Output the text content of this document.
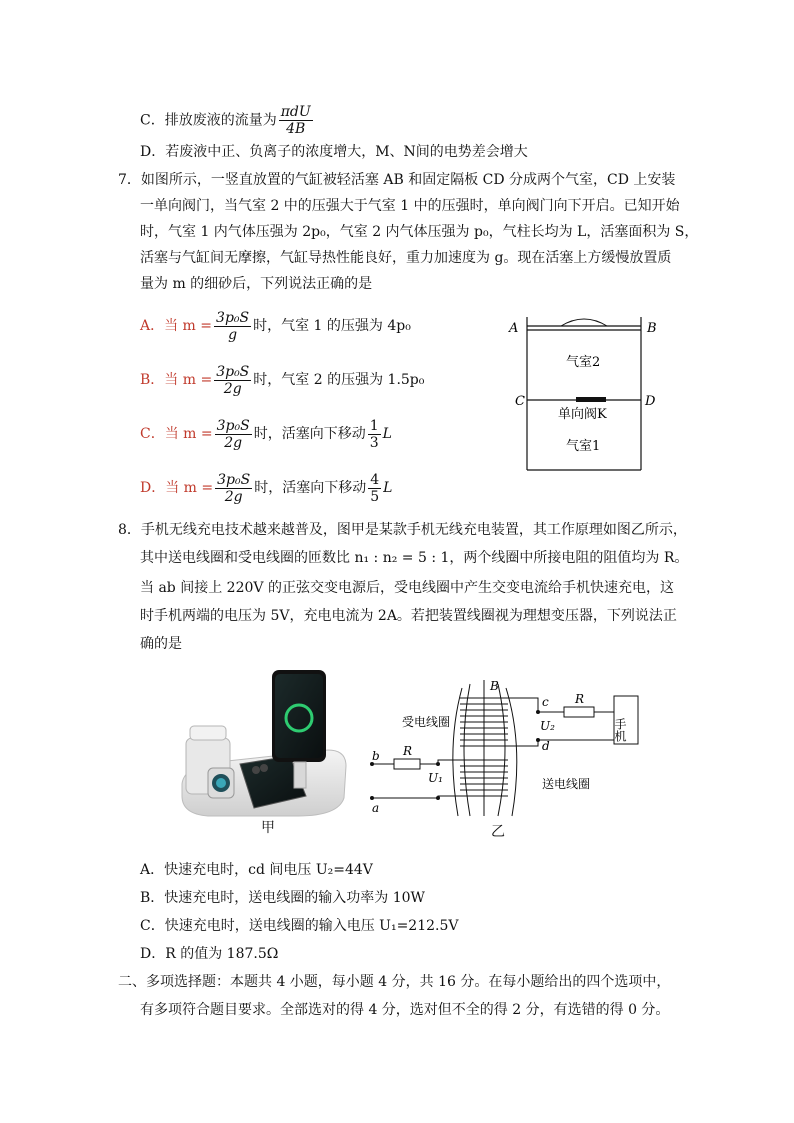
C．排放废液的流量为 $\frac{\text{πdU}}{4B}$
D．若废液中正、负离子的浓度增大，M、N间的电势差会增大
7．如图所示，一竖直放置的气缸被轻活塞 AB 和固定隔板 CD 分成两个气室，CD 上安装
一单向阀门，当气室 2 中的压强大于气室 1 中的压强时，单向阀门向下开启。已知开始
时，气室 1 内气体压强为 2p₀，气室 2 内气体压强为 p₀，气柱长均为 L，活塞面积为 S，
活塞与气缸间无摩擦，气缸导热性能良好，重力加速度为 g。现在活塞上方缓慢放置质
量为 m 的细砂后，下列说法正确的是
A．当 $m = \frac{\text{3p₀S}}{g}$ 时，气室 1 的压强为 4p₀
B．当 $m = \frac{\text{3p₀S}}{2g}$ 时，气室 2 的压强为 1.5p₀
C．当 $m = \frac{\text{3p₀S}}{2g}$ 时，活塞向下移动 $\frac{1}{3}$ L
D．当 $m = \frac{\text{3p₀S}}{2g}$ 时，活塞向下移动 $\frac{4}{5}$ L
A	B
C	D
气室2
单向阀K
气室1
8．手机无线充电技术越来越普及，图甲是某款手机无线充电装置，其工作原理如图乙所示，
其中送电线圈和受电线圈的匝数比 n₁ : n₂ = 5 : 1，两个线圈中所接电阻的阻值均为 R。
当 ab 间接上 220V 的正弦交变电源后，受电线圈中产生交变电流给手机快速充电，这
时手机两端的电压为 5V，充电电流为 2A。若把装置线圈视为理想变压器，下列说法正
确的是
甲
B
c
d
R
U₂
R
U₁
b
a
受电线圈
送电线圈
手机
乙
A．快速充电时，cd 间电压 U₂=44V
B．快速充电时，送电线圈的输入功率为 10W
C．快速充电时，送电线圈的输入电压 U₁=212.5V
D．R 的值为 187.5Ω
二、多项选择题：本题共 4 小题，每小题 4 分，共 16 分。在每小题给出的四个选项中，
有多项符合题目要求。全部选对的得 4 分，选对但不全的得 2 分，有选错的得 0 分。
